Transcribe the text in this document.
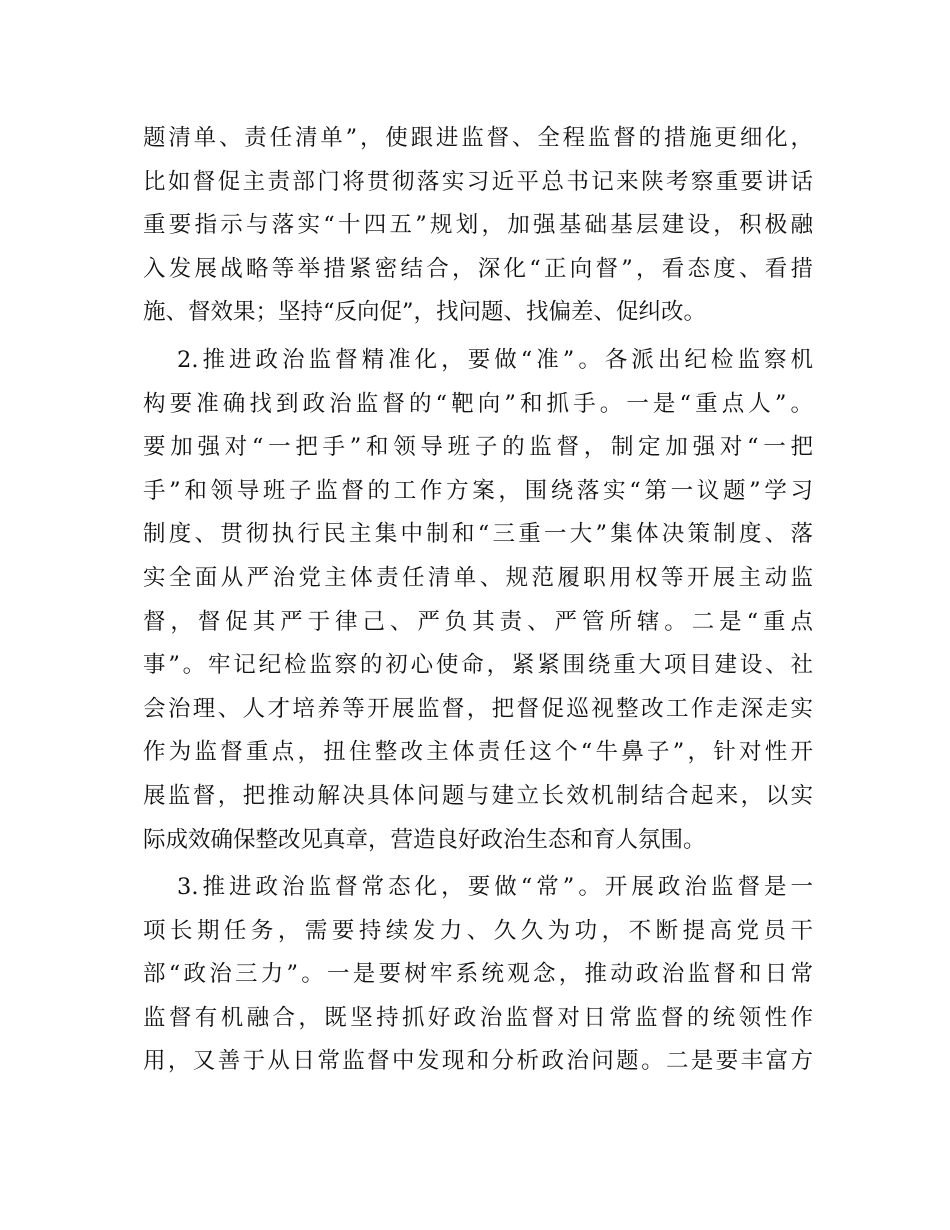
题清单、责任清单”，使跟进监督、全程监督的措施更细化，
比如督促主责部门将贯彻落实习近平总书记来陕考察重要讲话
重要指示与落实“十四五”规划，加强基础基层建设，积极融
入发展战略等举措紧密结合，深化“正向督”，看态度、看措
施、督效果；坚持“反向促”，找问题、找偏差、促纠改。
2.推进政治监督精准化，要做“准”。各派出纪检监察机
构要准确找到政治监督的“靶向”和抓手。一是“重点人”。
要加强对“一把手”和领导班子的监督，制定加强对“一把
手”和领导班子监督的工作方案，围绕落实“第一议题”学习
制度、贯彻执行民主集中制和“三重一大”集体决策制度、落
实全面从严治党主体责任清单、规范履职用权等开展主动监
督，督促其严于律己、严负其责、严管所辖。二是“重点
事”。牢记纪检监察的初心使命，紧紧围绕重大项目建设、社
会治理、人才培养等开展监督，把督促巡视整改工作走深走实
作为监督重点，扭住整改主体责任这个“牛鼻子”，针对性开
展监督，把推动解决具体问题与建立长效机制结合起来，以实
际成效确保整改见真章，营造良好政治生态和育人氛围。
3.推进政治监督常态化，要做“常”。开展政治监督是一
项长期任务，需要持续发力、久久为功，不断提高党员干
部“政治三力”。一是要树牢系统观念，推动政治监督和日常
监督有机融合，既坚持抓好政治监督对日常监督的统领性作
用，又善于从日常监督中发现和分析政治问题。二是要丰富方
